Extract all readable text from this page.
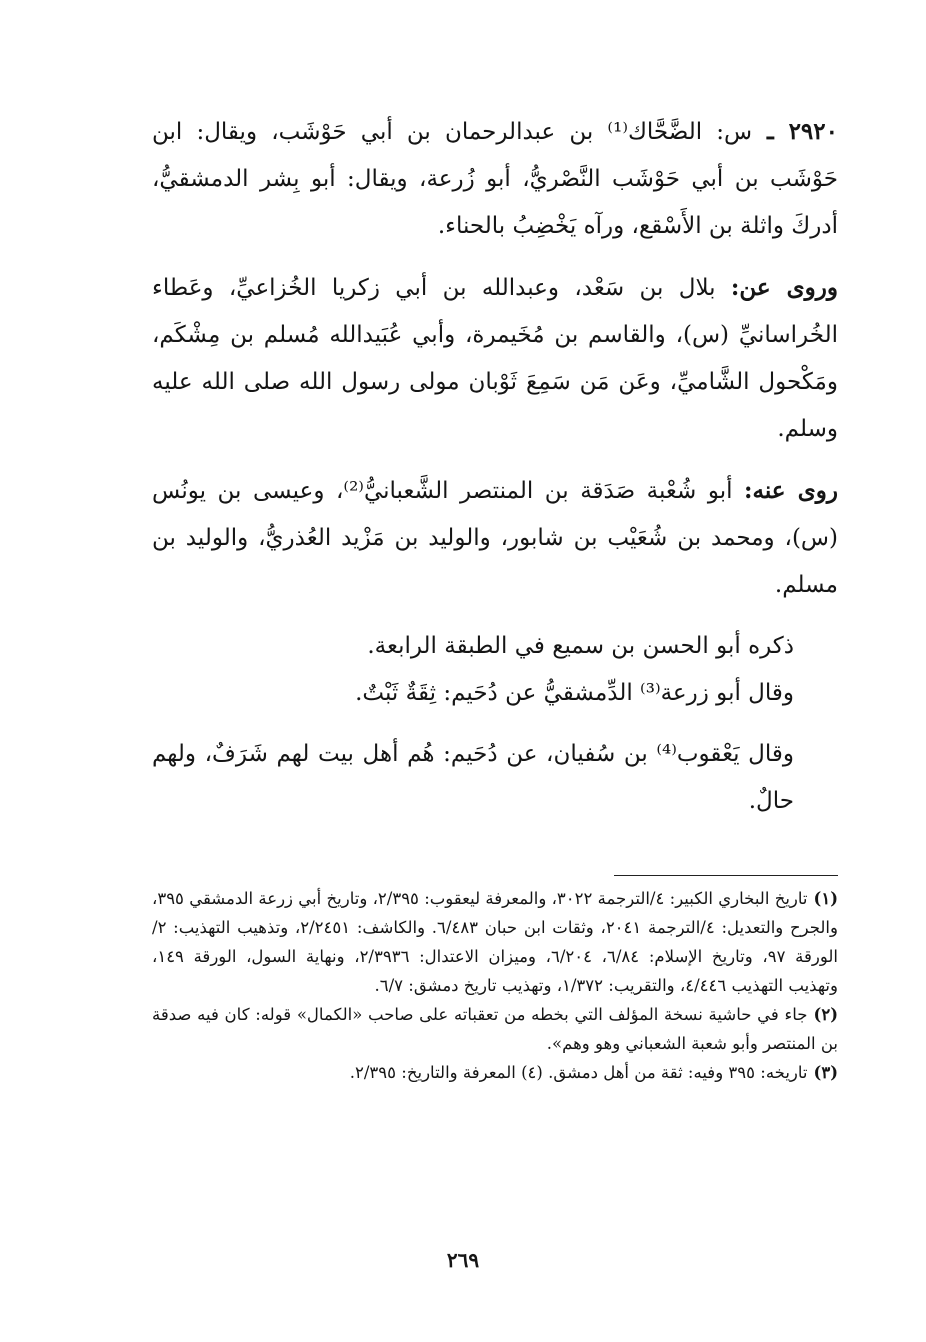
٢٩٢٠ ـ س: الضَّحَّاك⁽¹⁾ بن عبدالرحمان بن أبي حَوْشَب، ويقال: ابن حَوْشَب بن أبي حَوْشَب النَّصْريُّ، أبو زُرعة، ويقال: أبو بِشر الدمشقيُّ، أدركَ واثلة بن الأَسْقع، ورآه يَخْضِبُ بالحناء.

وروى عن: بلال بن سَعْد، وعبدالله بن أبي زكريا الخُزاعيِّ، وعَطاء الخُراسانيِّ (س)، والقاسم بن مُخَيمرة، وأبي عُبَيدالله مُسلم بن مِشْكَم، ومَكْحول الشَّاميِّ، وعَن مَن سَمِعَ ثَوْبان مولى رسول الله صلى الله عليه وسلم.

روى عنه: أبو شُعْبة صَدَقة بن المنتصر الشَّعبانيُّ⁽²⁾، وعيسى بن يونُس (س)، ومحمد بن شُعَيْب بن شابور، والوليد بن مَزْيد العُذريُّ، والوليد بن مسلم.

ذكره أبو الحسن بن سميع في الطبقة الرابعة.

وقال أبو زرعة⁽³⁾ الدِّمشقيُّ عن دُحَيم: ثِقَةٌ ثَبْتٌ.

وقال يَعْقوب⁽⁴⁾ بن سُفيان، عن دُحَيم: هُم أهل بيت لهم شَرَفٌ، ولهم حالٌ.

(١)تاريخ البخاري الكبير: ٤/الترجمة ٣٠٢٢، والمعرفة ليعقوب: ٢/٣٩٥، وتاريخ أبي زرعة الدمشقي ٣٩٥، والجرح والتعديل: ٤/الترجمة ٢٠٤١، وثقات ابن حبان ٦/٤٨٣. والكاشف: ٢/٢٤٥١، وتذهيب التهذيب: ٢/الورقة ٩٧، وتاريخ الإسلام: ٦/٨٤، ٦/٢٠٤، وميزان الاعتدال: ٢/٣٩٣٦، ونهاية السول، الورقة ١٤٩، وتهذيب التهذيب ٤/٤٤٦، والتقريب: ١/٣٧٢، وتهذيب تاريخ دمشق: ٦/٧.

(٢)جاء في حاشية نسخة المؤلف التي بخطه من تعقباته على صاحب «الكمال» قوله: كان فيه صدقة بن المنتصر وأبو شعبة الشعباني وهو وهم».

(٣)تاريخه: ٣٩٥ وفيه: ثقة من أهل دمشق. (٤) المعرفة والتاريخ: ٢/٣٩٥.

٢٦٩
